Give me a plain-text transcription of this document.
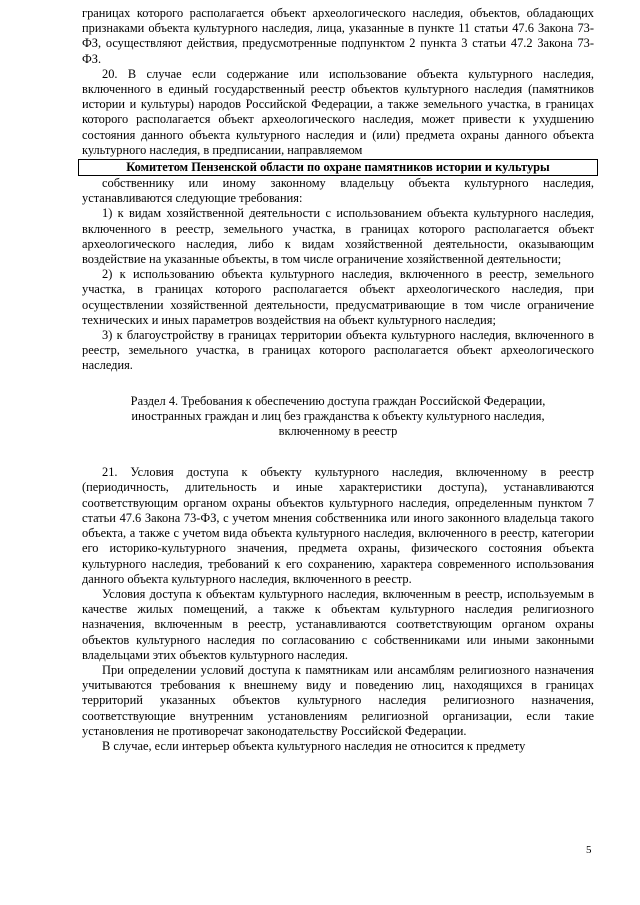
границах которого располагается объект археологического наследия, объектов, обладающих признаками объекта культурного наследия, лица, указанные в пункте 11 статьи 47.6 Закона 73-ФЗ, осуществляют действия, предусмотренные подпунктом 2 пункта 3 статьи 47.2 Закона 73-ФЗ.

20. В случае если содержание или использование объекта культурного наследия, включенного в единый государственный реестр объектов культурного наследия (памятников истории и культуры) народов Российской Федерации, а также земельного участка, в границах которого располагается объект археологического наследия, может привести к ухудшению состояния данного объекта культурного наследия и (или) предмета охраны данного объекта культурного наследия, в предписании, направляемом

Комитетом Пензенской области по охране памятников истории и культуры

собственнику или иному законному владельцу объекта культурного наследия, устанавливаются следующие требования:

1) к видам хозяйственной деятельности с использованием объекта культурного наследия, включенного в реестр, земельного участка, в границах которого располагается объект археологического наследия, либо к видам хозяйственной деятельности, оказывающим воздействие на указанные объекты, в том числе ограничение хозяйственной деятельности;

2) к использованию объекта культурного наследия, включенного в реестр, земельного участка, в границах которого располагается объект археологического наследия, при осуществлении хозяйственной деятельности, предусматривающие в том числе ограничение технических и иных параметров воздействия на объект культурного наследия;

3) к благоустройству в границах территории объекта культурного наследия, включенного в реестр, земельного участка, в границах которого располагается объект археологического наследия.

Раздел 4. Требования к обеспечению доступа граждан Российской Федерации,
иностранных граждан и лиц без гражданства к объекту культурного наследия,
включенному в реестр

21. Условия доступа к объекту культурного наследия, включенному в реестр (периодичность, длительность и иные характеристики доступа), устанавливаются соответствующим органом охраны объектов культурного наследия, определенным пунктом 7 статьи 47.6 Закона 73-ФЗ, с учетом мнения собственника или иного законного владельца такого объекта, а также с учетом вида объекта культурного наследия, включенного в реестр, категории его историко-культурного значения, предмета охраны, физического состояния объекта культурного наследия, требований к его сохранению, характера современного использования данного объекта культурного наследия, включенного в реестр.

Условия доступа к объектам культурного наследия, включенным в реестр, используемым в качестве жилых помещений, а также к объектам культурного наследия религиозного назначения, включенным в реестр, устанавливаются соответствующим органом охраны объектов культурного наследия по согласованию с собственниками или иными законными владельцами этих объектов культурного наследия.

При определении условий доступа к памятникам или ансамблям религиозного назначения учитываются требования к внешнему виду и поведению лиц, находящихся в границах территорий указанных объектов культурного наследия религиозного назначения, соответствующие внутренним установлениям религиозной организации, если такие установления не противоречат законодательству Российской Федерации.

В случае, если интерьер объекта культурного наследия не относится к предмету

5
